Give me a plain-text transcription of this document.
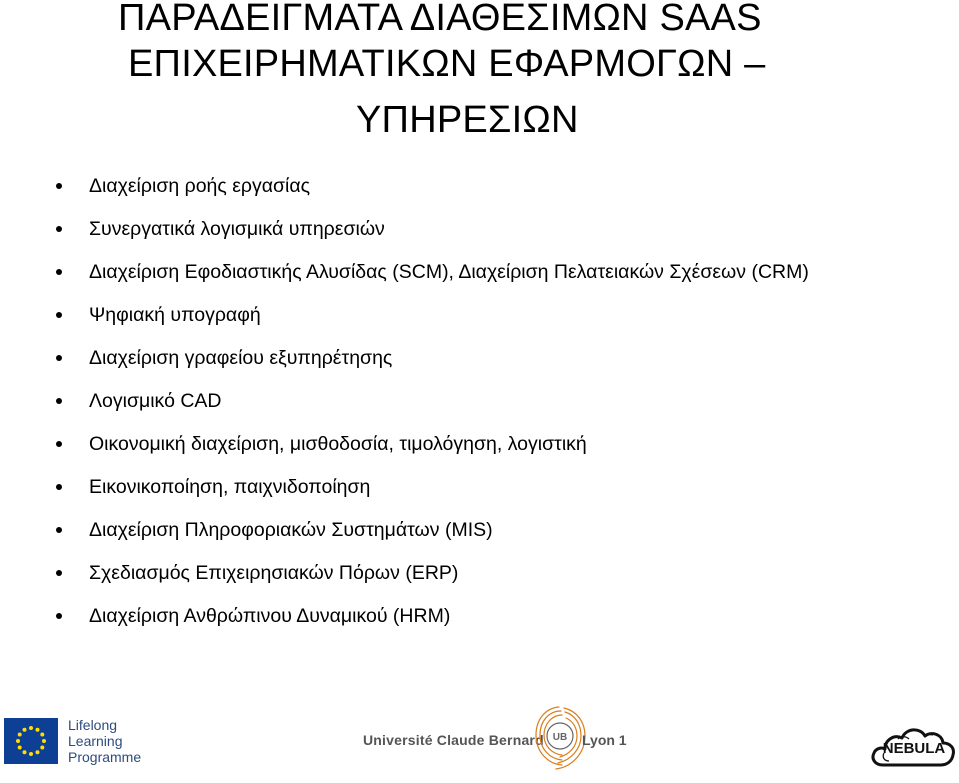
ΠΑΡΑΔΕΙΓΜΑΤΑ ΔΙΑΘΕΣΙΜΩΝ SAAS
ΕΠΙΧΕΙΡΗΜΑΤΙΚΩΝ ΕΦΑΡΜΟΓΩΝ –
ΥΠΗΡΕΣΙΩΝ
Διαχείριση ροής εργασίας
Συνεργατικά λογισμικά υπηρεσιών
Διαχείριση Εφοδιαστικής Αλυσίδας (SCM), Διαχείριση Πελατειακών Σχέσεων (CRM)
Ψηφιακή υπογραφή
Διαχείριση γραφείου εξυπηρέτησης
Λογισμικό CAD
Οικονομική διαχείριση, μισθοδοσία, τιμολόγηση, λογιστική
Εικονικοποίηση, παιχνιδοποίηση
Διαχείριση Πληροφοριακών Συστημάτων (MIS)
Σχεδιασμός Επιχειρησιακών Πόρων (ERP)
Διαχείριση Ανθρώπινου Δυναμικού (HRM)
Lifelong
Learning
Programme
Université Claude Bernard UB Lyon 1	NEBULA
